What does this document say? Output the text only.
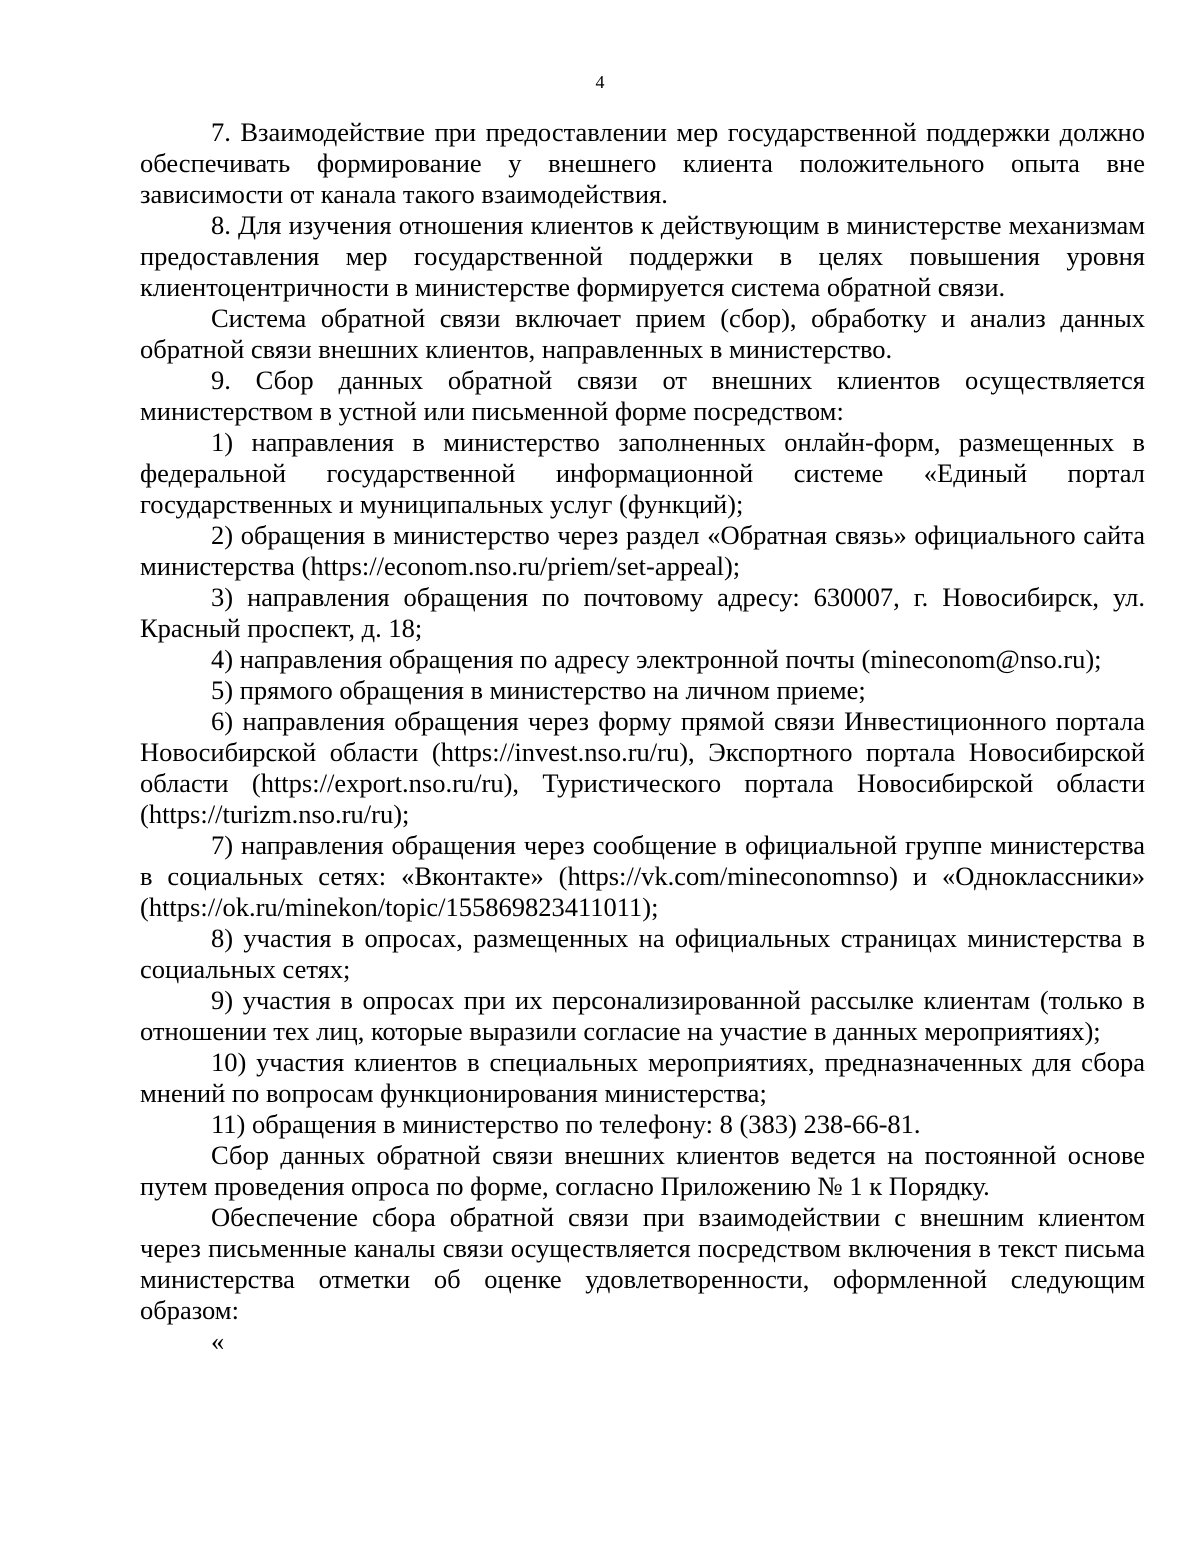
4

7. Взаимодействие при предоставлении мер государственной поддержки должно обеспечивать формирование у внешнего клиента положительного опыта вне зависимости от канала такого взаимодействия.

8. Для изучения отношения клиентов к действующим в министерстве механизмам предоставления мер государственной поддержки в целях повышения уровня клиентоцентричности в министерстве формируется система обратной связи.

Система обратной связи включает прием (сбор), обработку и анализ данных обратной связи внешних клиентов, направленных в министерство.

9. Сбор данных обратной связи от внешних клиентов осуществляется министерством в устной или письменной форме посредством:

1) направления в министерство заполненных онлайн-форм, размещенных в федеральной государственной информационной системе «Единый портал государственных и муниципальных услуг (функций);

2) обращения в министерство через раздел «Обратная связь» официального сайта министерства (https://econom.nso.ru/priem/set-appeal);

3) направления обращения по почтовому адресу: 630007, г. Новосибирск, ул. Красный проспект, д. 18;

4) направления обращения по адресу электронной почты (mineconom@nso.ru);

5) прямого обращения в министерство на личном приеме;

6) направления обращения через форму прямой связи Инвестиционного портала Новосибирской области (https://invest.nso.ru/ru), Экспортного портала Новосибирской области (https://export.nso.ru/ru), Туристического портала Новосибирской области (https://turizm.nso.ru/ru);

7) направления обращения через сообщение в официальной группе министерства в социальных сетях: «Вконтакте» (https://vk.com/mineconomnso) и «Одноклассники» (https://ok.ru/minekon/topic/155869823411011);

8) участия в опросах, размещенных на официальных страницах министерства в социальных сетях;

9) участия в опросах при их персонализированной рассылке клиентам (только в отношении тех лиц, которые выразили согласие на участие в данных мероприятиях);

10) участия клиентов в специальных мероприятиях, предназначенных для сбора мнений по вопросам функционирования министерства;

11) обращения в министерство по телефону: 8 (383) 238-66-81.

Сбор данных обратной связи внешних клиентов ведется на постоянной основе путем проведения опроса по форме, согласно Приложению № 1 к Порядку.

Обеспечение сбора обратной связи при взаимодействии с внешним клиентом через письменные каналы связи осуществляется посредством включения в текст письма министерства отметки об оценке удовлетворенности, оформленной следующим образом:

«
